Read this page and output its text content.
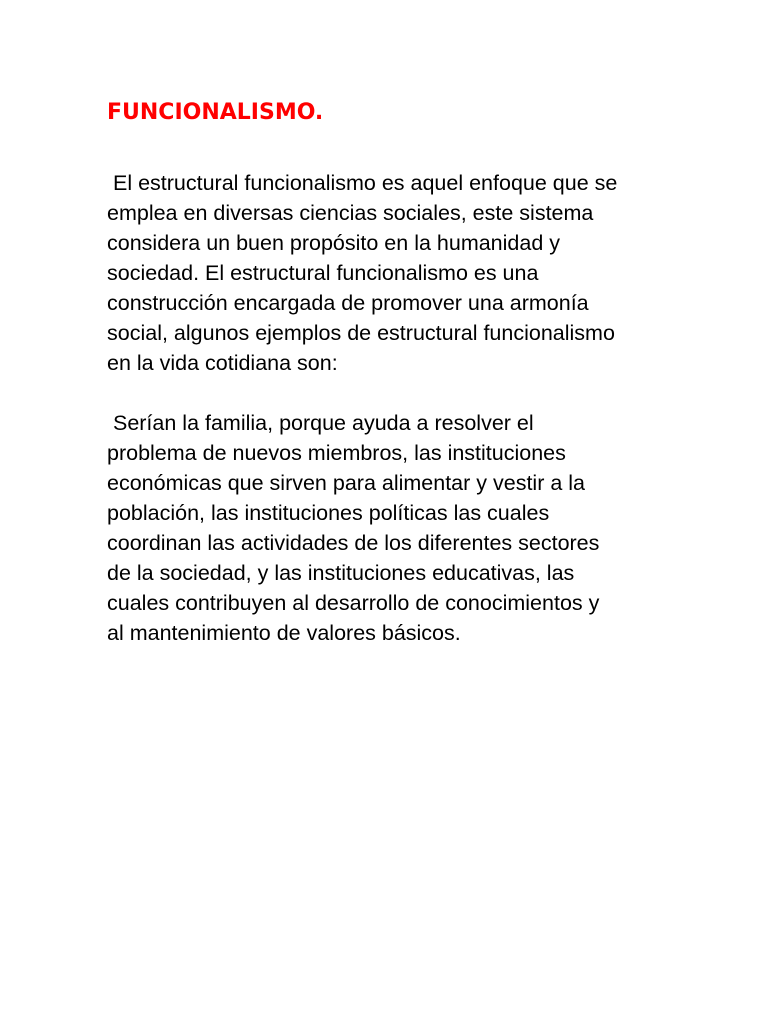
FUNCIONALISMO.
El estructural funcionalismo es aquel enfoque que se
emplea en diversas ciencias sociales, este sistema
considera un buen propósito en la humanidad y
sociedad. El estructural funcionalismo es una
construcción encargada de promover una armonía
social, algunos ejemplos de estructural funcionalismo
en la vida cotidiana son:
Serían la familia, porque ayuda a resolver el
problema de nuevos miembros, las instituciones
económicas que sirven para alimentar y vestir a la
población, las instituciones políticas las cuales
coordinan las actividades de los diferentes sectores
de la sociedad, y las instituciones educativas, las
cuales contribuyen al desarrollo de conocimientos y
al mantenimiento de valores básicos.
